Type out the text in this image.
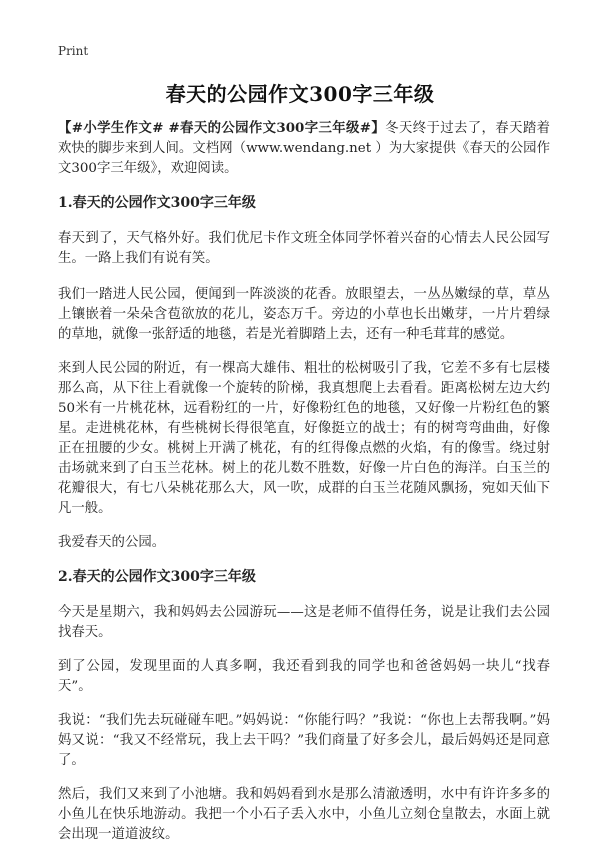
Print
春天的公园作文300字三年级

【#小学生作文# #春天的公园作文300字三年级#】冬天终于过去了，春天踏着欢快的脚步来到人间。文档网（www.wendang.net ）为大家提供《春天的公园作文300字三年级》，欢迎阅读。

1.春天的公园作文300字三年级

春天到了，天气格外好。我们优尼卡作文班全体同学怀着兴奋的心情去人民公园写生。一路上我们有说有笑。

我们一踏进人民公园，便闻到一阵淡淡的花香。放眼望去，一丛丛嫩绿的草，草丛上镶嵌着一朵朵含苞欲放的花儿，姿态万千。旁边的小草也长出嫩芽，一片片碧绿的草地，就像一张舒适的地毯，若是光着脚踏上去，还有一种毛茸茸的感觉。

来到人民公园的附近，有一棵高大雄伟、粗壮的松树吸引了我，它差不多有七层楼那么高，从下往上看就像一个旋转的阶梯，我真想爬上去看看。距离松树左边大约50米有一片桃花林，远看粉红的一片，好像粉红色的地毯，又好像一片粉红色的繁星。走进桃花林，有些桃树长得很笔直，好像挺立的战士；有的树弯弯曲曲，好像正在扭腰的少女。桃树上开满了桃花，有的红得像点燃的火焰，有的像雪。绕过射击场就来到了白玉兰花林。树上的花儿数不胜数，好像一片白色的海洋。白玉兰的花瓣很大，有七八朵桃花那么大，风一吹，成群的白玉兰花随风飘扬，宛如天仙下凡一般。

我爱春天的公园。

2.春天的公园作文300字三年级

今天是星期六，我和妈妈去公园游玩——这是老师不值得任务，说是让我们去公园找春天。

到了公园，发现里面的人真多啊，我还看到我的同学也和爸爸妈妈一块儿“找春天”。

我说：“我们先去玩碰碰车吧。”妈妈说：“你能行吗？”我说：“你也上去帮我啊。”妈妈又说：“我又不经常玩，我上去干吗？”我们商量了好多会儿，最后妈妈还是同意了。

然后，我们又来到了小池塘。我和妈妈看到水是那么清澈透明，水中有许许多多的小鱼儿在快乐地游动。我把一个小石子丢入水中，小鱼儿立刻仓皇散去，水面上就会出现一道道波纹。
